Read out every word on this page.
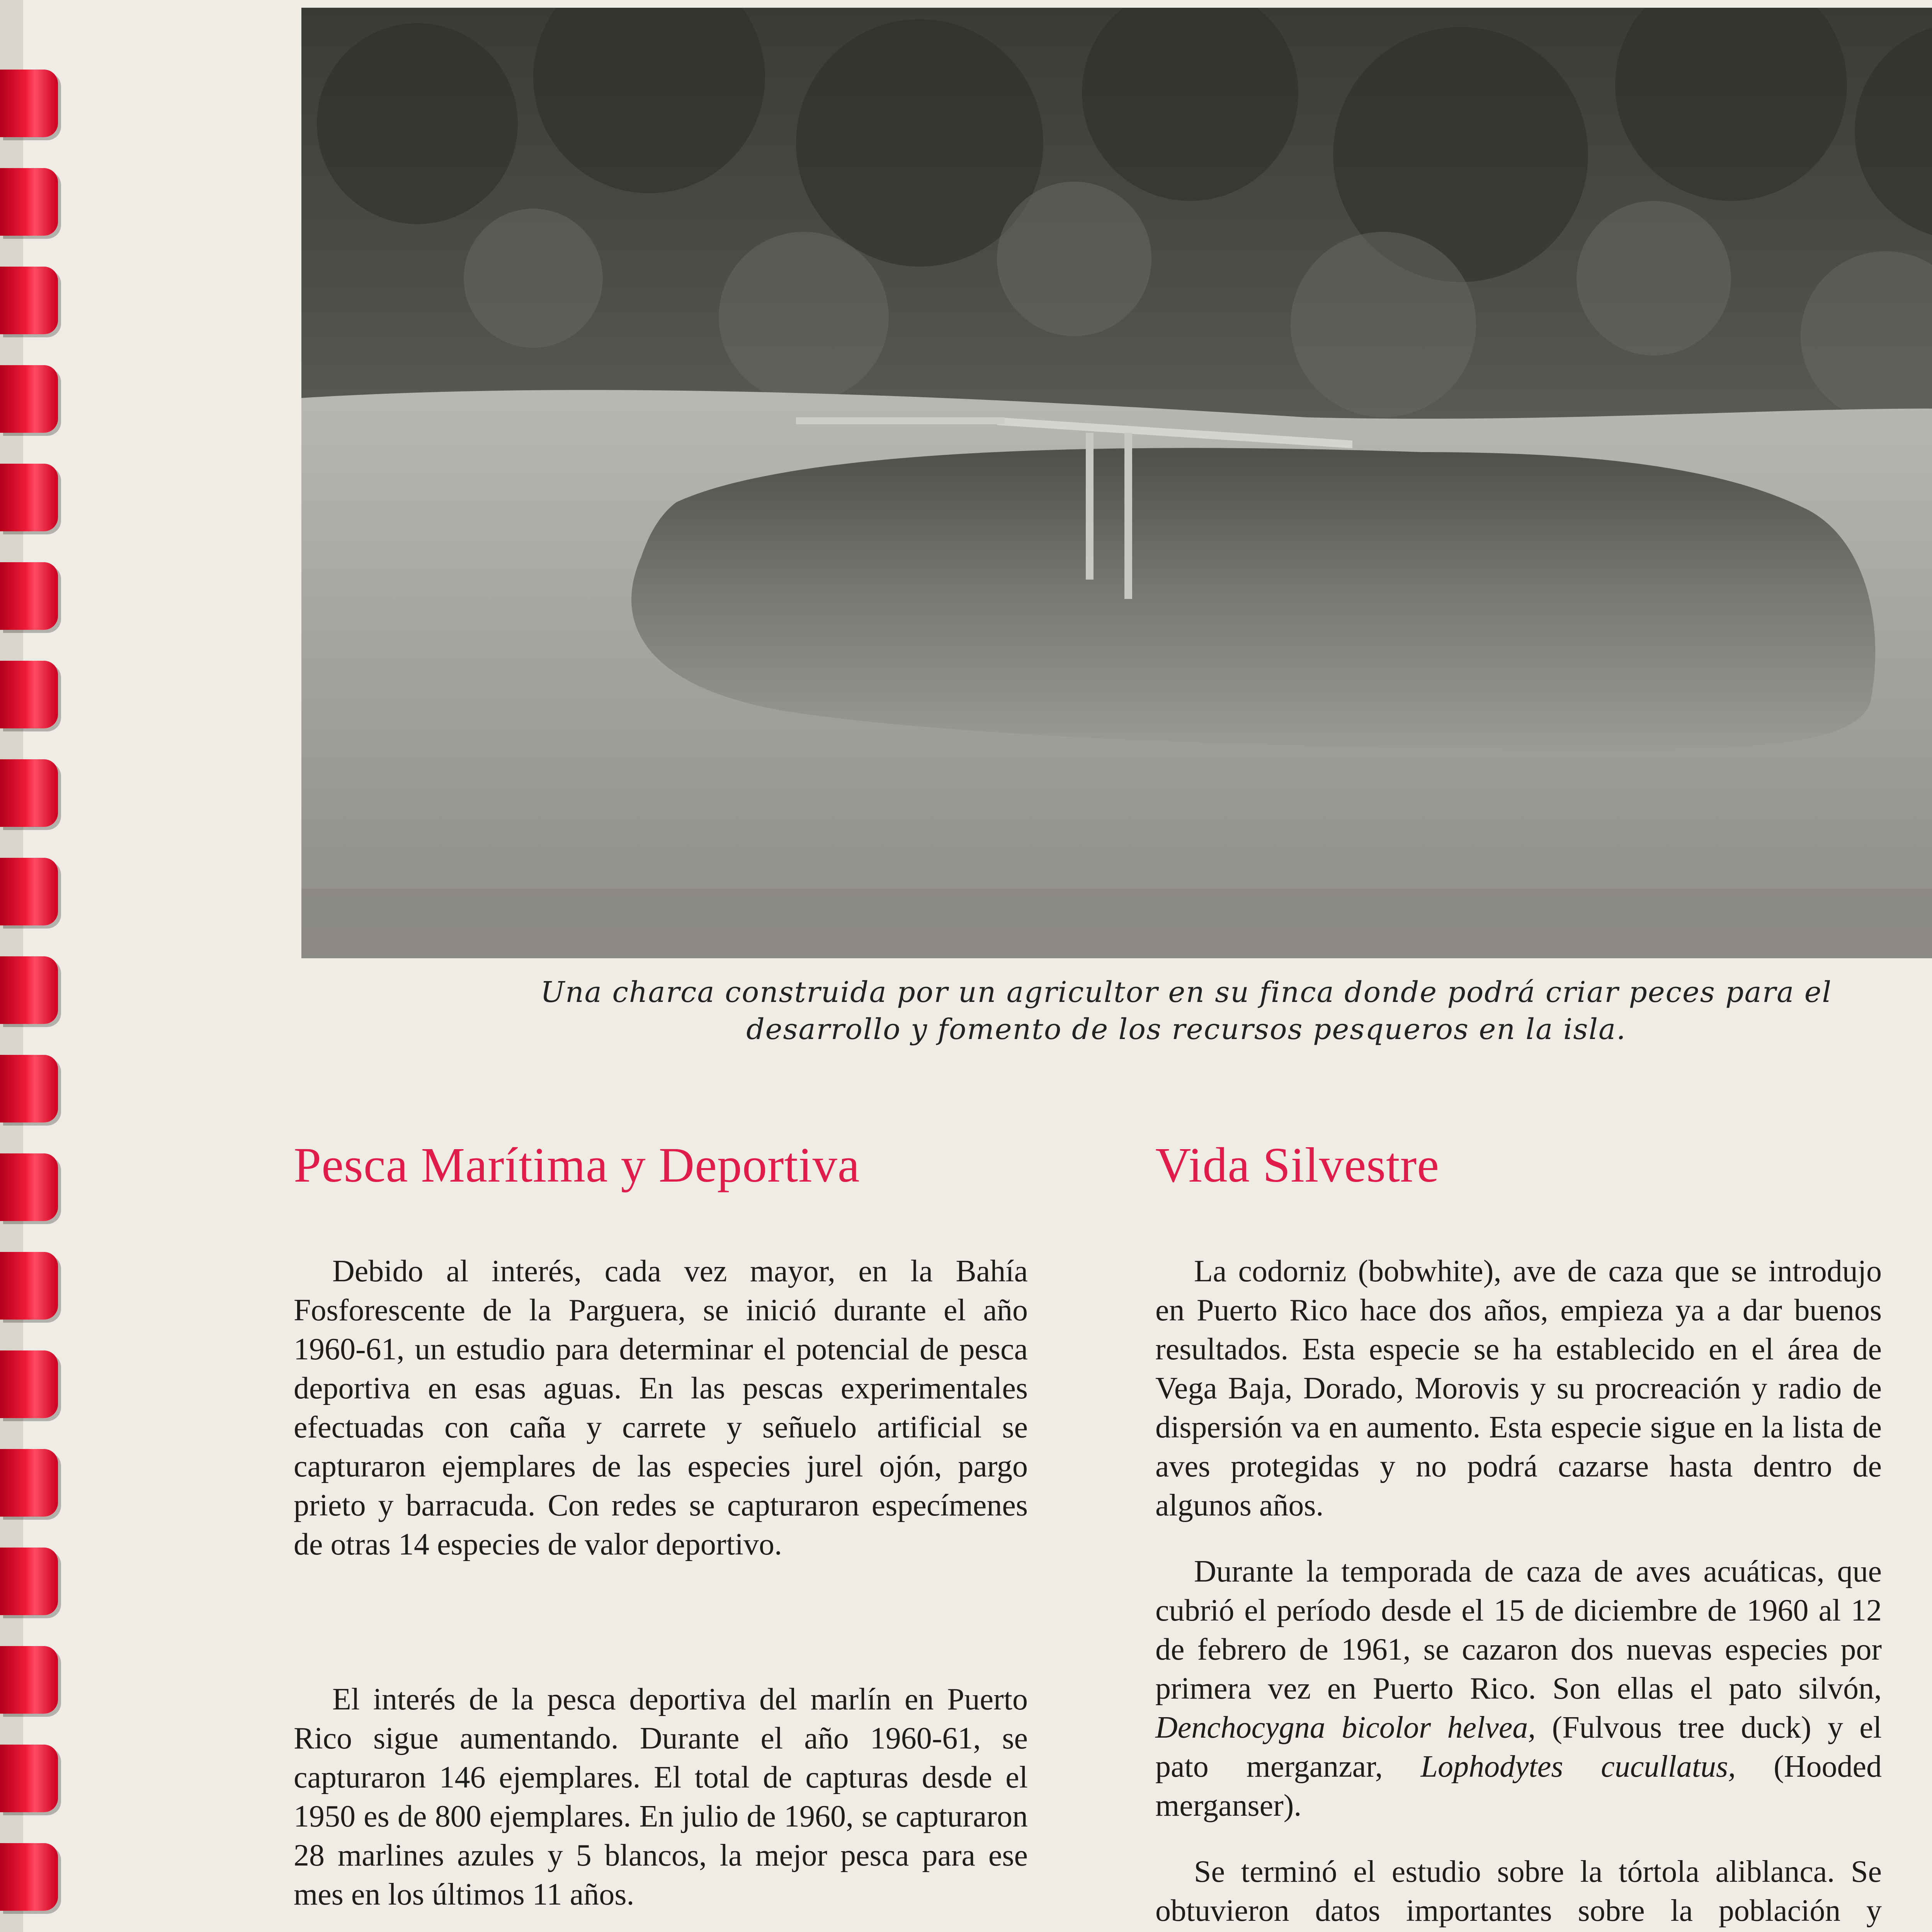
Una charca construida por un agricultor en su finca donde podrá criar peces para el
desarrollo y fomento de los recursos pesqueros en la isla.
Pesca Marítima y Deportiva

Debido al interés, cada vez mayor, en la Bahía Fosforescente de la Parguera, se inició durante el año 1960-61, un estudio para determinar el potencial de pesca deportiva en esas aguas. En las pescas experimentales efectuadas con caña y carrete y señuelo artificial se capturaron ejemplares de las especies jurel ojón, pargo prieto y barracuda. Con redes se capturaron especímenes de otras 14 especies de valor deportivo.

El interés de la pesca deportiva del marlín en Puerto Rico sigue aumentando. Durante el año 1960-61, se capturaron 146 ejemplares. El total de capturas desde el 1950 es de 800 ejemplares. En julio de 1960, se capturaron 28 marlines azules y 5 blancos, la mejor pesca para ese mes en los últimos 11 años.

Vida Silvestre

La codorniz (bobwhite), ave de caza que se introdujo en Puerto Rico hace dos años, empieza ya a dar buenos resultados. Esta especie se ha establecido en el área de Vega Baja, Dorado, Morovis y su procreación y radio de dispersión va en aumento. Esta especie sigue en la lista de aves protegidas y no podrá cazarse hasta dentro de algunos años.

Durante la temporada de caza de aves acuáticas, que cubrió el período desde el 15 de diciembre de 1960 al 12 de febrero de 1961, se cazaron dos nuevas especies por primera vez en Puerto Rico. Son ellas el pato silvón, Denchocygna bicolor helvea, (Fulvous tree duck) y el pato merganzar, Lophodytes cucullatus, (Hooded merganser).

Se terminó el estudio sobre la tórtola aliblanca. Se obtuvieron datos importantes sobre la población y
